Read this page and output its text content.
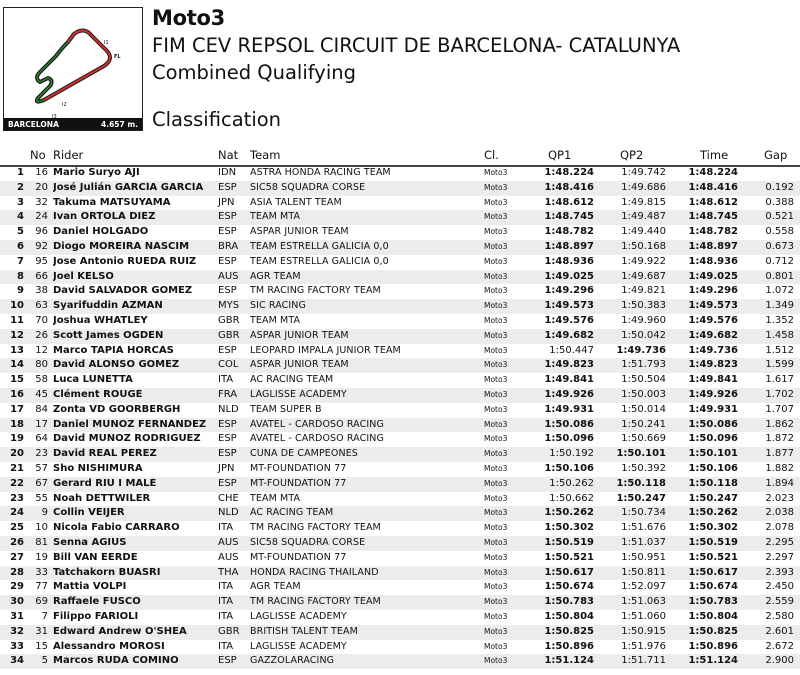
I1
FL
I2
I3
BARCELONA	4.657 m.
Moto3
FIM CEV REPSOL CIRCUIT DE BARCELONA- CATALUNYA
Combined Qualifying
Classification
No Rider	Nat Team	Cl.	QP1	QP2	Time	Gap
1	16 Mario Suryo AJI	IDN	ASTRA HONDA RACING TEAM	Moto3	1:48.224	1:49.742	1:48.224
2	20 José Julián GARCÍA GARCÍA	ESP	SIC58 SQUADRA CORSE	Moto3	1:48.416	1:49.686	1:48.416	0.192
3	32 Takuma MATSUYAMA	JPN	ASIA TALENT TEAM	Moto3	1:48.612	1:49.815	1:48.612	0.388
4	24 Ivan ORTOLÁ DIEZ	ESP	TEAM MTA	Moto3	1:48.745	1:49.487	1:48.745	0.521
5	96 Daniel HOLGADO	ESP	ASPAR JUNIOR TEAM	Moto3	1:48.782	1:49.440	1:48.782	0.558
6	92 Diogo MOREIRA NASCIM	BRA	TEAM ESTRELLA GALICIA 0,0	Moto3	1:48.897	1:50.168	1:48.897	0.673
7	95 Jose Antonio RUEDA RUIZ	ESP	TEAM ESTRELLA GALICIA 0,0	Moto3	1:48.936	1:49.922	1:48.936	0.712
8	66 Joel KELSO	AUS	AGR TEAM	Moto3	1:49.025	1:49.687	1:49.025	0.801
9	38 David SALVADOR GÓMEZ	ESP	TM RACING FACTORY TEAM	Moto3	1:49.296	1:49.821	1:49.296	1.072
10	63 Syarifuddin AZMAN	MYS	SIC RACING	Moto3	1:49.573	1:50.383	1:49.573	1.349
11	70 Joshua WHATLEY	GBR	TEAM MTA	Moto3	1:49.576	1:49.960	1:49.576	1.352
12	26 Scott James OGDEN	GBR	ASPAR JUNIOR TEAM	Moto3	1:49.682	1:50.042	1:49.682	1.458
13	12 Marco TAPIA HORCAS	ESP	LEOPARD IMPALA JUNIOR TEAM	Moto3	1:50.447	1:49.736	1:49.736	1.512
14	80 David ALONSO GÓMEZ	COL	ASPAR JUNIOR TEAM	Moto3	1:49.823	1:51.793	1:49.823	1.599
15	58 Luca LUNETTA	ITA	AC RACING TEAM	Moto3	1:49.841	1:50.504	1:49.841	1.617
16	45 Clément ROUGÉ	FRA	LAGLISSE ACADEMY	Moto3	1:49.926	1:50.003	1:49.926	1.702
17	84 Zonta VD GOORBERGH	NLD	TEAM SUPER B	Moto3	1:49.931	1:50.014	1:49.931	1.707
18	17 Daniel MUÑOZ FERNÁNDEZ	ESP	AVATEL - CARDOSO RACING	Moto3	1:50.086	1:50.241	1:50.086	1.862
19	64 David MUÑOZ RODRÍGUEZ	ESP	AVATEL - CARDOSO RACING	Moto3	1:50.096	1:50.669	1:50.096	1.872
20	23 David REAL PÉREZ	ESP	CUNA DE CAMPEONES	Moto3	1:50.192	1:50.101	1:50.101	1.877
21	57 Sho NISHIMURA	JPN	MT-FOUNDATION 77	Moto3	1:50.106	1:50.392	1:50.106	1.882
22	67 Gerard RIU I MALÉ	ESP	MT-FOUNDATION 77	Moto3	1:50.262	1:50.118	1:50.118	1.894
23	55 Noah DETTWILER	CHE	TEAM MTA	Moto3	1:50.662	1:50.247	1:50.247	2.023
24	9 Collin VEIJER	NLD	AC RACING TEAM	Moto3	1:50.262	1:50.734	1:50.262	2.038
25	10 Nicola Fabio CARRARO	ITA	TM RACING FACTORY TEAM	Moto3	1:50.302	1:51.676	1:50.302	2.078
26	81 Senna AGIUS	AUS	SIC58 SQUADRA CORSE	Moto3	1:50.519	1:51.037	1:50.519	2.295
27	19 Bill VAN EERDE	AUS	MT-FOUNDATION 77	Moto3	1:50.521	1:50.951	1:50.521	2.297
28	33 Tatchakorn BUASRI	THA	HONDA RACING THAILAND	Moto3	1:50.617	1:50.811	1:50.617	2.393
29	77 Mattia VOLPI	ITA	AGR TEAM	Moto3	1:50.674	1:52.097	1:50.674	2.450
30	69 Raffaele FUSCO	ITA	TM RACING FACTORY TEAM	Moto3	1:50.783	1:51.063	1:50.783	2.559
31	7 Filippo FARIOLI	ITA	LAGLISSE ACADEMY	Moto3	1:50.804	1:51.060	1:50.804	2.580
32	31 Edward Andrew O'SHEA	GBR	BRITISH TALENT TEAM	Moto3	1:50.825	1:50.915	1:50.825	2.601
33	15 Alessandro MOROSI	ITA	LAGLISSE ACADEMY	Moto3	1:50.896	1:51.976	1:50.896	2.672
34	5 Marcos RUDA COMINO	ESP	GAZZOLARACING	Moto3	1:51.124	1:51.711	1:51.124	2.900
